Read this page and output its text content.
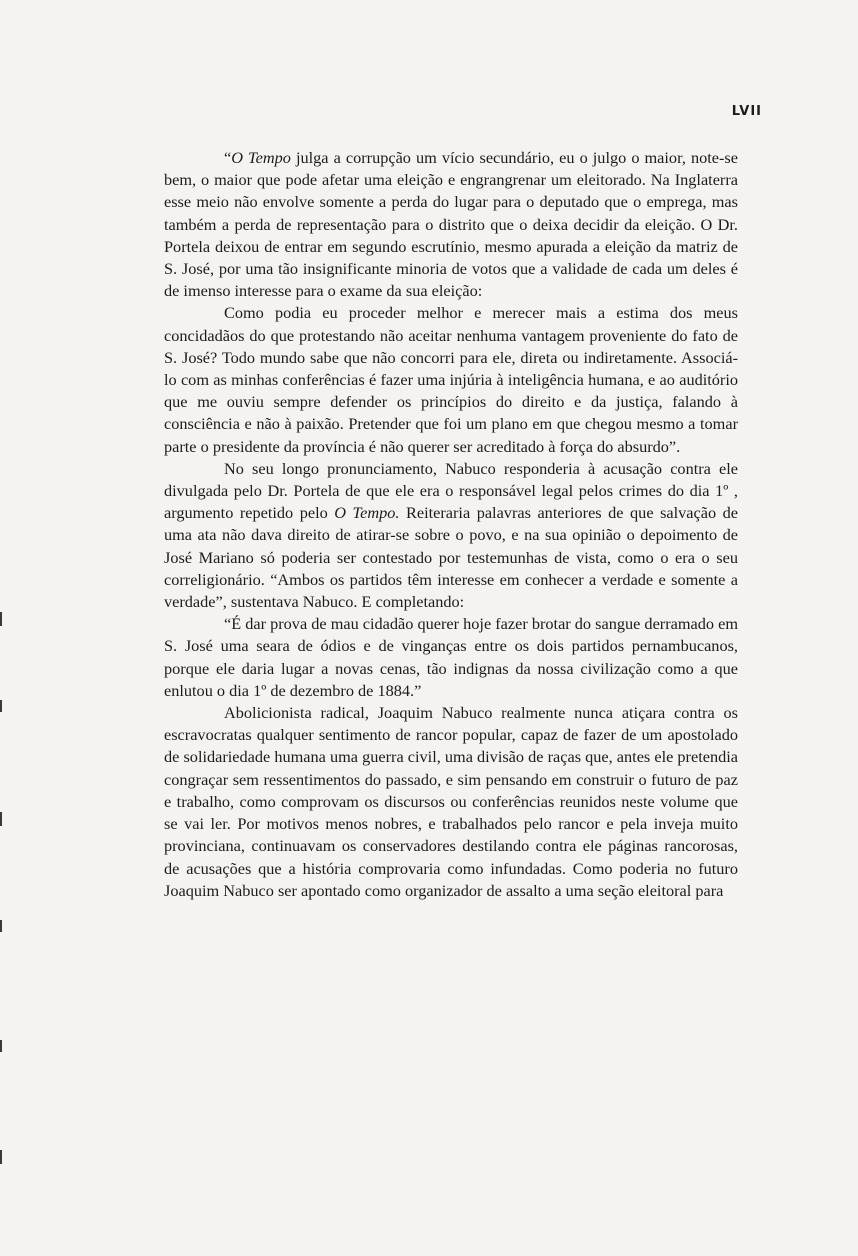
LVII

“O Tempo julga a corrupção um vício secundário, eu o julgo o maior, note-se bem, o maior que pode afetar uma eleição e engrangrenar um eleitorado. Na Inglaterra esse meio não envolve somente a perda do lugar para o deputado que o emprega, mas também a perda de representação para o distrito que o deixa decidir da eleição. O Dr. Portela deixou de entrar em segundo escrutínio, mesmo apurada a eleição da matriz de S. José, por uma tão insignificante minoria de votos que a validade de cada um deles é de imenso interesse para o exame da sua eleição:

Como podia eu proceder melhor e merecer mais a estima dos meus concidadãos do que protestando não aceitar nenhuma vantagem proveniente do fato de S. José? Todo mundo sabe que não concorri para ele, direta ou indiretamente. Associá-lo com as minhas conferências é fazer uma injúria à inteligência humana, e ao auditório que me ouviu sempre defender os princípios do direito e da justiça, falando à consciência e não à paixão. Pretender que foi um plano em que chegou mesmo a tomar parte o presidente da província é não querer ser acreditado à força do absurdo”.

No seu longo pronunciamento, Nabuco responderia à acusação contra ele divulgada pelo Dr. Portela de que ele era o responsável legal pelos crimes do dia 1º , argumento repetido pelo O Tempo. Reiteraria palavras anteriores de que salvação de uma ata não dava direito de atirar-se sobre o povo, e na sua opinião o depoimento de José Mariano só poderia ser contestado por testemunhas de vista, como o era o seu correligionário. “Ambos os partidos têm interesse em conhecer a verdade e somente a verdade”, sustentava Nabuco. E completando:

“É dar prova de mau cidadão querer hoje fazer brotar do sangue derramado em S. José uma seara de ódios e de vinganças entre os dois partidos pernambucanos, porque ele daria lugar a novas cenas, tão indignas da nossa civilização como a que enlutou o dia 1º de dezembro de 1884.”

Abolicionista radical, Joaquim Nabuco realmente nunca atiçara contra os escravocratas qualquer sentimento de rancor popular, capaz de fazer de um apostolado de solidariedade humana uma guerra civil, uma divisão de raças que, antes ele pretendia congraçar sem ressentimentos do passado, e sim pensando em construir o futuro de paz e trabalho, como comprovam os discursos ou conferências reunidos neste volume que se vai ler. Por motivos menos nobres, e trabalhados pelo rancor e pela inveja muito provinciana, continuavam os conservadores destilando contra ele páginas rancorosas, de acusações que a história comprovaria como infundadas. Como poderia no futuro Joaquim Nabuco ser apontado como organizador de assalto a uma seção eleitoral para
